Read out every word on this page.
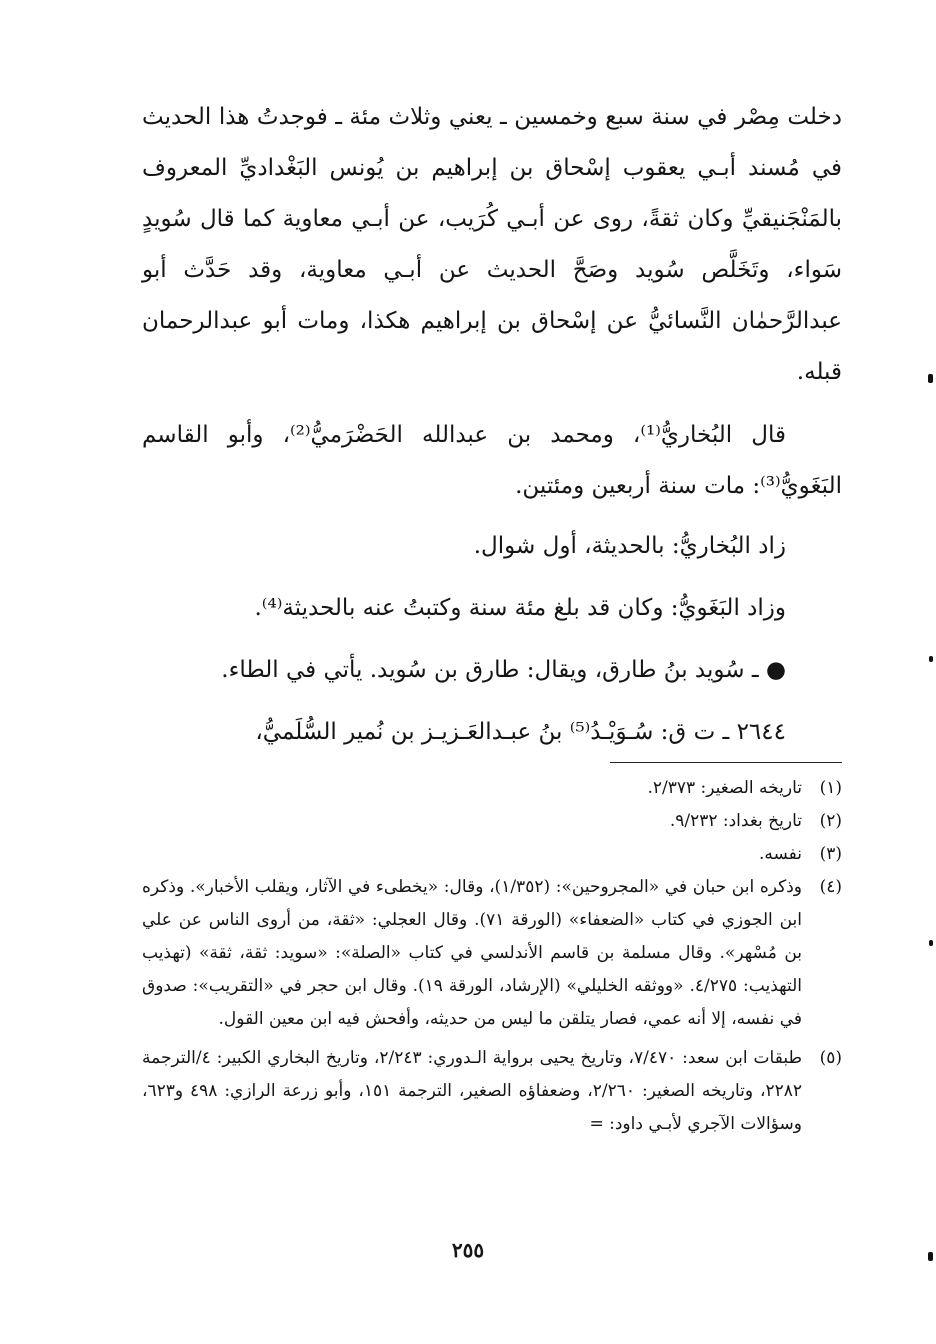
دخلت مِصْر في سنة سبع وخمسين ـ يعني وثلاث مئة ـ فوجدتُ هذا الحديث في مُسند أبـي يعقوب إسْحاق بن إبراهيم بن يُونس البَغْداديِّ المعروف بالمَنْجَنيقيِّ وكان ثقةً، روى عن أبـي كُرَيب، عن أبـي معاوية كما قال سُويدٍ سَواء، وتَخَلَّص سُويد وصَحَّ الحديث عن أبـي معاوية، وقد حَدَّث أبو عبدالرَّحمٰان النَّسائيُّ عن إسْحاق بن إبراهيم هكذا، ومات أبو عبدالرحمان قبله.

قال البُخاريُّ⁽¹⁾، ومحمد بن عبدالله الحَضْرَميُّ⁽²⁾، وأبو القاسم البَغَويُّ⁽³⁾: مات سنة أربعين ومئتين.

زاد البُخاريُّ: بالحديثة، أول شوال.

وزاد البَغَويُّ: وكان قد بلغ مئة سنة وكتبتُ عنه بالحديثة⁽⁴⁾.

● ـ سُويد بنُ طارق، ويقال: طارق بن سُويد. يأتي في الطاء.

٢٦٤٤ ـ ت ق: سُـوَيْـدُ⁽⁵⁾ بنُ عبـدالعَـزيـز بن نُمير السُّلَميُّ،

(١)
تاريخه الصغير: ٢/٣٧٣.

(٢)
تاريخ بغداد: ٩/٢٣٢.

(٣)
نفسه.

(٤)
وذكره ابن حبان في «المجروحين»: (١/٣٥٢)، وقال: «يخطىء في الآثار، ويقلب الأخبار». وذكره ابن الجوزي في كتاب «الضعفاء» (الورقة ٧١). وقال العجلي: «ثقة، من أروى الناس عن علي بن مُسْهر». وقال مسلمة بن قاسم الأندلسي في كتاب «الصلة»: «سويد: ثقة، ثقة» (تهذيب التهذيب: ٤/٢٧٥. «ووثقه الخليلي» (الإرشاد، الورقة ١٩). وقال ابن حجر في «التقريب»: صدوق في نفسه، إلا أنه عمي، فصار يتلقن ما ليس من حديثه، وأفحش فيه ابن معين القول.

(٥)
طبقات ابن سعد: ٧/٤٧٠، وتاريخ يحيى برواية الـدوري: ٢/٢٤٣، وتاريخ البخاري الكبير: ٤/الترجمة ٢٢٨٢، وتاريخه الصغير: ٢/٢٦٠، وضعفاؤه الصغير، الترجمة ١٥١، وأبو زرعة الرازي: ٤٩٨ و٦٢٣، وسؤالات الآجري لأبـي داود: =

٢٥٥
